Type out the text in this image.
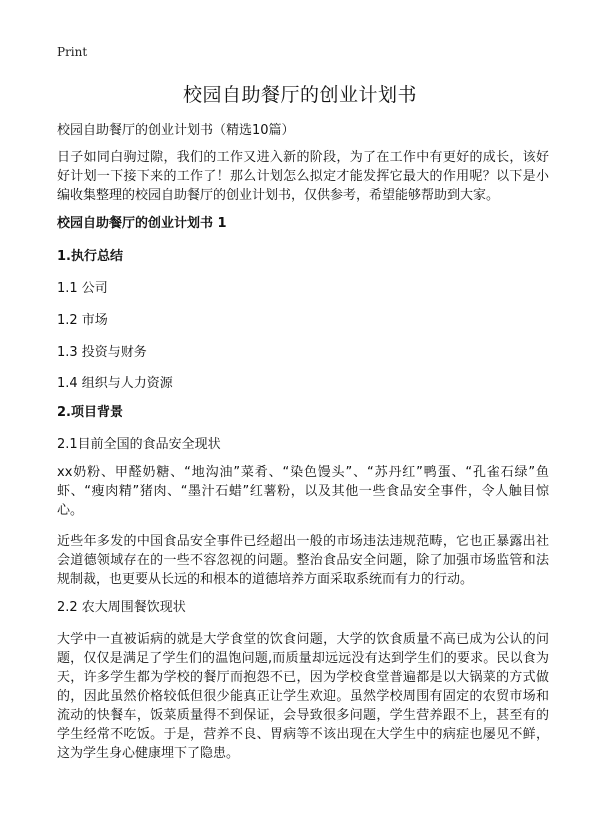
Print
校园自助餐厅的创业计划书

校园自助餐厅的创业计划书（精选10篇）

日子如同白驹过隙，我们的工作又进入新的阶段，为了在工作中有更好的成长，该好好计划一下接下来的工作了！那么计划怎么拟定才能发挥它最大的作用呢？以下是小编收集整理的校园自助餐厅的创业计划书，仅供参考，希望能够帮助到大家。

校园自助餐厅的创业计划书 1

1.执行总结

1.1 公司

1.2 市场

1.3 投资与财务

1.4 组织与人力资源

2.项目背景

2.1目前全国的食品安全现状

xx奶粉、甲醛奶糖、“地沟油”菜肴、“染色馒头”、“苏丹红”鸭蛋、“孔雀石绿”鱼虾、“瘦肉精”猪肉、“墨汁石蜡”红薯粉，以及其他一些食品安全事件，令人触目惊心。

近些年多发的中国食品安全事件已经超出一般的市场违法违规范畴，它也正暴露出社会道德领域存在的一些不容忽视的问题。整治食品安全问题，除了加强市场监管和法规制裁，也更要从长远的和根本的道德培养方面采取系统而有力的行动。

2.2 农大周围餐饮现状

大学中一直被诟病的就是大学食堂的饮食问题，大学的饮食质量不高已成为公认的问题，仅仅是满足了学生们的温饱问题,而质量却远远没有达到学生们的要求。民以食为天，许多学生都为学校的餐厅而抱怨不已，因为学校食堂普遍都是以大锅菜的方式做的，因此虽然价格较低但很少能真正让学生欢迎。虽然学校周围有固定的农贸市场和流动的快餐车，饭菜质量得不到保证，会导致很多问题，学生营养跟不上，甚至有的学生经常不吃饭。于是，营养不良、胃病等不该出现在大学生中的病症也屡见不鲜，这为学生身心健康埋下了隐患。
